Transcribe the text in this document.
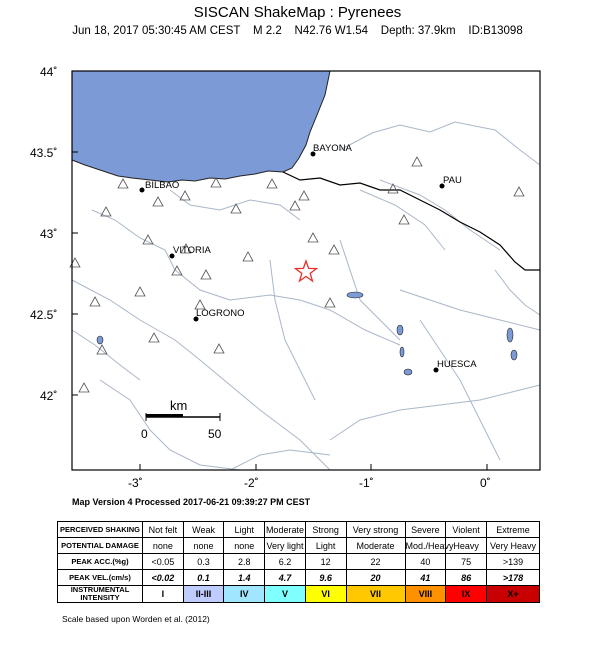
SISCAN ShakeMap : Pyrenees
Jun 18, 2017 05:30:45 AM CEST    M 2.2    N42.76 W1.54    Depth: 37.9km    ID:B13098
BAYONA
BILBAO	PAU
VITORIA
LOGRONO
HUESCA
km
0	50
44˚
43.5˚
43˚
42.5˚
42˚
-3˚	-2˚	-1˚	0˚
Map Version 4 Processed 2017-06-21 09:39:27 PM CEST
PERCEIVED SHAKING	Not felt	Weak	Light	Moderate	Strong	Very strong	Severe	Violent	Extreme
POTENTIAL DAMAGE	none	none	none	Very light	Light	Moderate	Mod./Heavy	Heavy	Very Heavy
PEAK ACC.(%g)	<0.05	0.3	2.8	6.2	12	22	40	75	>139
PEAK VEL.(cm/s)	<0.02	0.1	1.4	4.7	9.6	20	41	86	>178
INSTRUMENTAL INTENSITY	I	II-III	IV	V	VI	VII	VIII	IX	X+
Scale based upon Worden et al. (2012)
